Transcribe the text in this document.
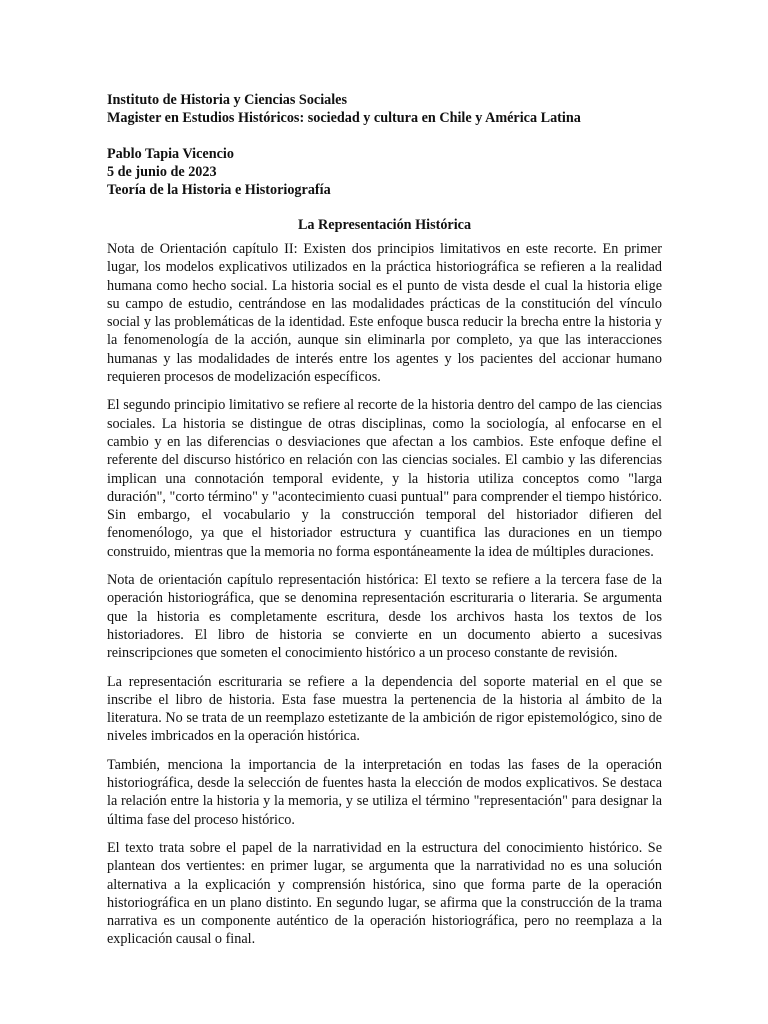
Instituto de Historia y Ciencias Sociales
Magister en Estudios Históricos: sociedad y cultura en Chile y América Latina
Pablo Tapia Vicencio
5 de junio de 2023
Teoría de la Historia e Historiografía
La Representación Histórica

Nota de Orientación capítulo II: Existen dos principios limitativos en este recorte. En primer lugar, los modelos explicativos utilizados en la práctica historiográfica se refieren a la realidad humana como hecho social. La historia social es el punto de vista desde el cual la historia elige su campo de estudio, centrándose en las modalidades prácticas de la constitución del vínculo social y las problemáticas de la identidad. Este enfoque busca reducir la brecha entre la historia y la fenomenología de la acción, aunque sin eliminarla por completo, ya que las interacciones humanas y las modalidades de interés entre los agentes y los pacientes del accionar humano requieren procesos de modelización específicos.

El segundo principio limitativo se refiere al recorte de la historia dentro del campo de las ciencias sociales. La historia se distingue de otras disciplinas, como la sociología, al enfocarse en el cambio y en las diferencias o desviaciones que afectan a los cambios. Este enfoque define el referente del discurso histórico en relación con las ciencias sociales. El cambio y las diferencias implican una connotación temporal evidente, y la historia utiliza conceptos como "larga duración", "corto término" y "acontecimiento cuasi puntual" para comprender el tiempo histórico. Sin embargo, el vocabulario y la construcción temporal del historiador difieren del fenomenólogo, ya que el historiador estructura y cuantifica las duraciones en un tiempo construido, mientras que la memoria no forma espontáneamente la idea de múltiples duraciones.

Nota de orientación capítulo representación histórica: El texto se refiere a la tercera fase de la operación historiográfica, que se denomina representación escrituraria o literaria. Se argumenta que la historia es completamente escritura, desde los archivos hasta los textos de los historiadores. El libro de historia se convierte en un documento abierto a sucesivas reinscripciones que someten el conocimiento histórico a un proceso constante de revisión.

La representación escrituraria se refiere a la dependencia del soporte material en el que se inscribe el libro de historia. Esta fase muestra la pertenencia de la historia al ámbito de la literatura. No se trata de un reemplazo estetizante de la ambición de rigor epistemológico, sino de niveles imbricados en la operación histórica.

También, menciona la importancia de la interpretación en todas las fases de la operación historiográfica, desde la selección de fuentes hasta la elección de modos explicativos. Se destaca la relación entre la historia y la memoria, y se utiliza el término "representación" para designar la última fase del proceso histórico.

El texto trata sobre el papel de la narratividad en la estructura del conocimiento histórico. Se plantean dos vertientes: en primer lugar, se argumenta que la narratividad no es una solución alternativa a la explicación y comprensión histórica, sino que forma parte de la operación historiográfica en un plano distinto. En segundo lugar, se afirma que la construcción de la trama narrativa es un componente auténtico de la operación historiográfica, pero no reemplaza a la explicación causal o final.
